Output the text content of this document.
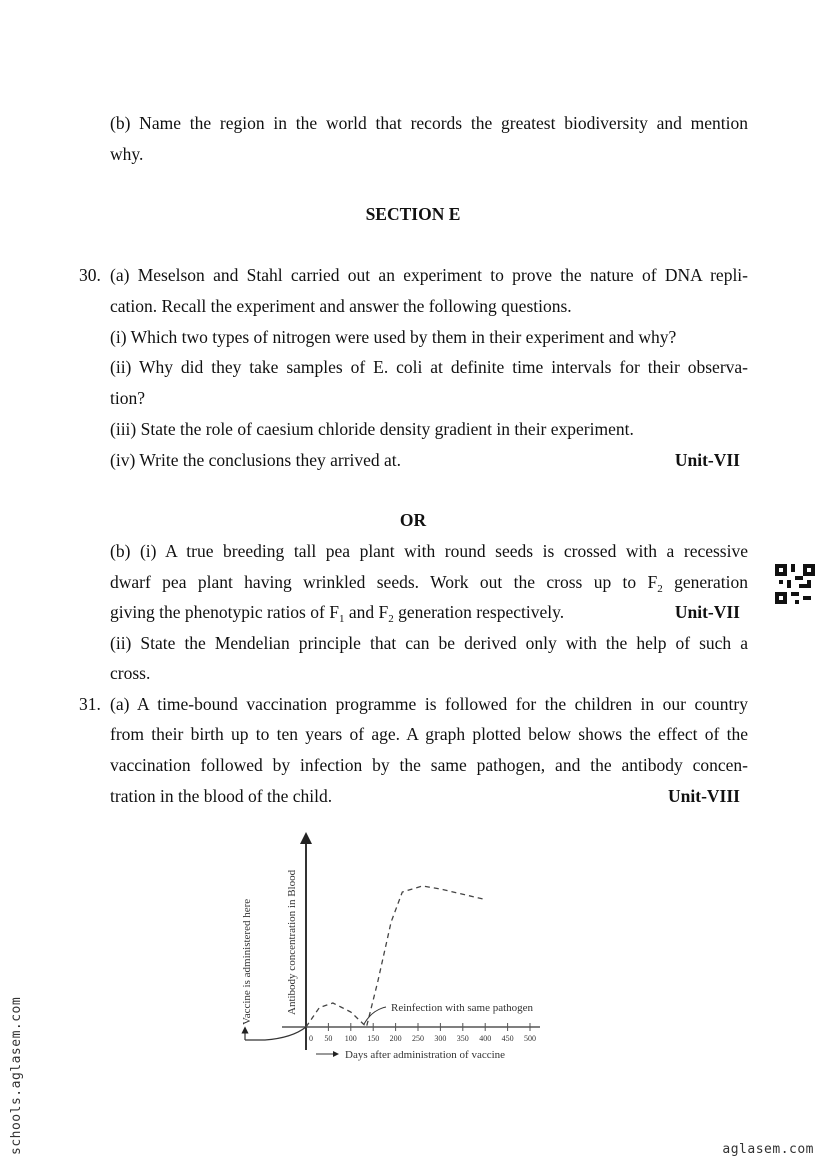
(b) Name the region in the world that records the greatest biodiversity and mention
why.
SECTION E
30. (a) Meselson and Stahl carried out an experiment to prove the nature of DNA repli-
cation. Recall the experiment and answer the following questions.
(i) Which two types of nitrogen were used by them in their experiment and why?
(ii) Why did they take samples of E. coli at definite time intervals for their observa-
tion?
(iii) State the role of caesium chloride density gradient in their experiment.
(iv) Write the conclusions they arrived at.	Unit-VII
OR
(b) (i) A true breeding tall pea plant with round seeds is crossed with a recessive
dwarf pea plant having wrinkled seeds. Work out the cross up to $F_2$ generation
giving the phenotypic ratios of $F_1$ and $F_2$ generation respectively.	Unit-VII
(ii) State the Mendelian principle that can be derived only with the help of such a
cross.
31. (a) A time-bound vaccination programme is followed for the children in our country
from their birth up to ten years of age. A graph plotted below shows the effect of the
vaccination followed by infection by the same pathogen, and the antibody concen-
tration in the blood of the child.	Unit-VIII
Vaccine is administered here	Antibody concentration in Blood
0 50 100 150 200 250 300 350 400 450 500
Reinfection with same pathogen
Days after administration of vaccine
schools.aglasem.com	aglasem.com
